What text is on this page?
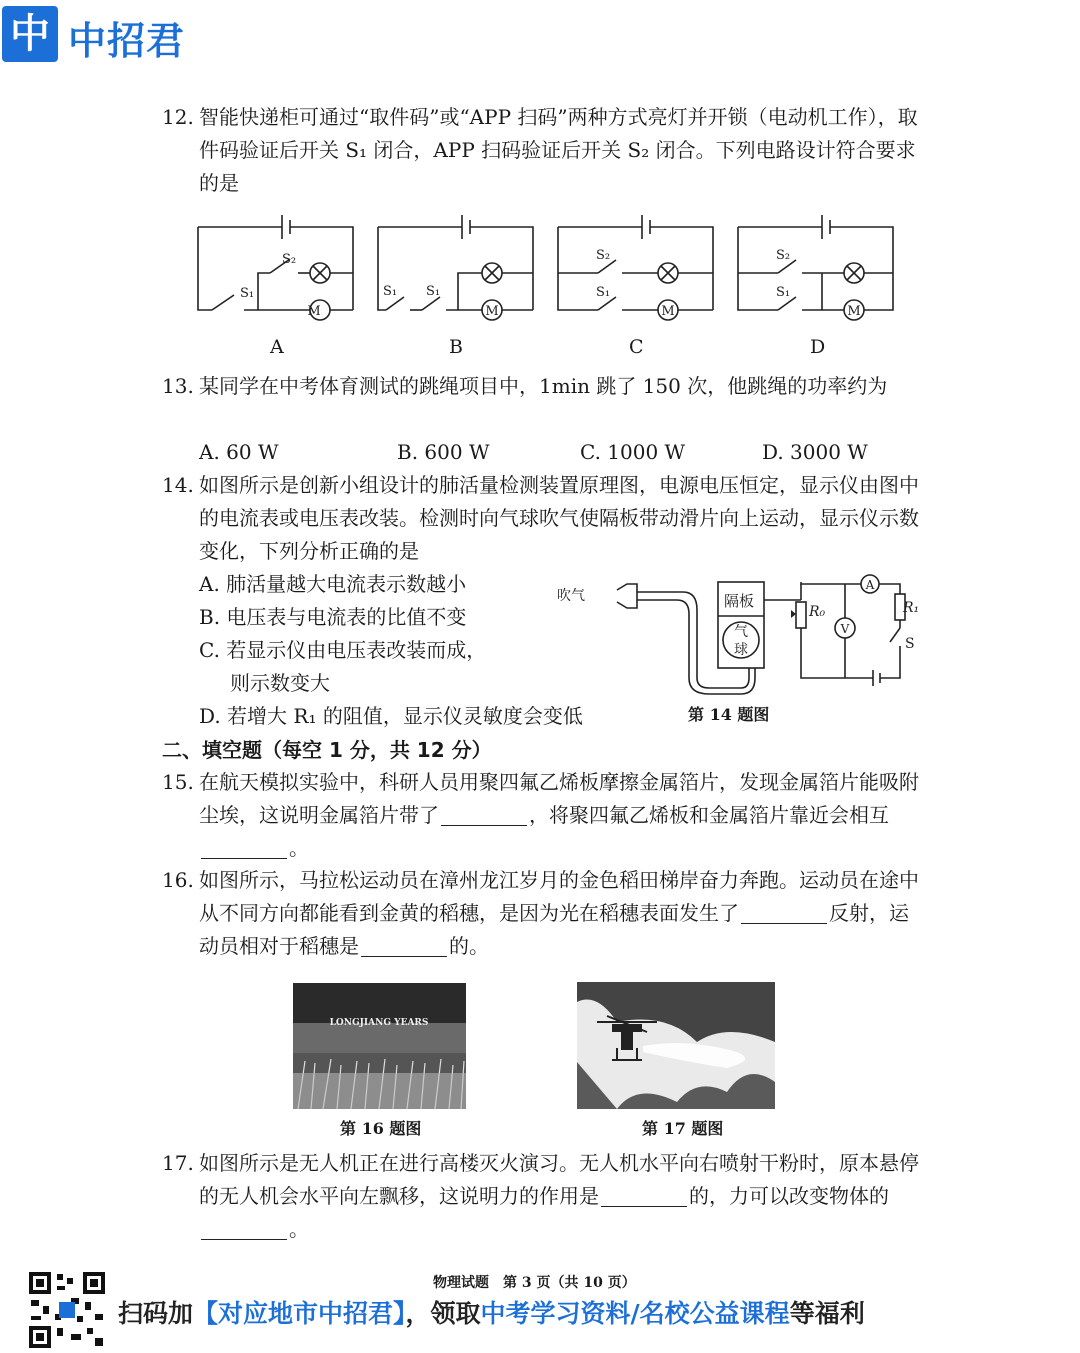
中 中招君
12. 智能快递柜可通过“取件码”或“APP 扫码”两种方式亮灯并开锁（电动机工作），取件码验证后开关 S₁ 闭合，APP 扫码验证后开关 S₂ 闭合。下列电路设计符合要求的是
S₁
S₂
M
S₁ S₁
M
S₂
S₁
M
S₂
S₁
M
A	B	C	D
13. 某同学在中考体育测试的跳绳项目中，1min 跳了 150 次，他跳绳的功率约为
A. 60 W	B. 600 W	C. 1000 W	D. 3000 W
14. 如图所示是创新小组设计的肺活量检测装置原理图，电源电压恒定，显示仪由图中的电流表或电压表改装。检测时向气球吹气使隔板带动滑片向上运动，显示仪示数变化，下列分析正确的是
A. 肺活量越大电流表示数越小
B. 电压表与电流表的比值不变
C. 若显示仪由电压表改装而成，
则示数变大
D. 若增大 R₁ 的阻值，显示仪灵敏度会变低
吹气	隔板
气
球
R₀	R₁
A
V
S
第 14 题图
二、填空题（每空 1 分，共 12 分）
15. 在航天模拟实验中，科研人员用聚四氟乙烯板摩擦金属箔片，发现金属箔片能吸附尘埃，这说明金属箔片带了	，将聚四氟乙烯板和金属箔片靠近会相互。
16. 如图所示，马拉松运动员在漳州龙江岁月的金色稻田梯岸奋力奔跑。运动员在途中从不同方向都能看到金黄的稻穗，是因为光在稻穗表面发生了	反射，运动员相对于稻穗是	的。
LONGJIANG YEARS
第 16 题图	第 17 题图
17. 如图所示是无人机正在进行高楼灭火演习。无人机水平向右喷射干粉时，原本悬停的无人机会水平向左飘移，这说明力的作用是	的，力可以改变物体的。
物理试题　第 3 页（共 10 页）
扫码加【对应地市中招君】，领取中考学习资料/名校公益课程等福利
